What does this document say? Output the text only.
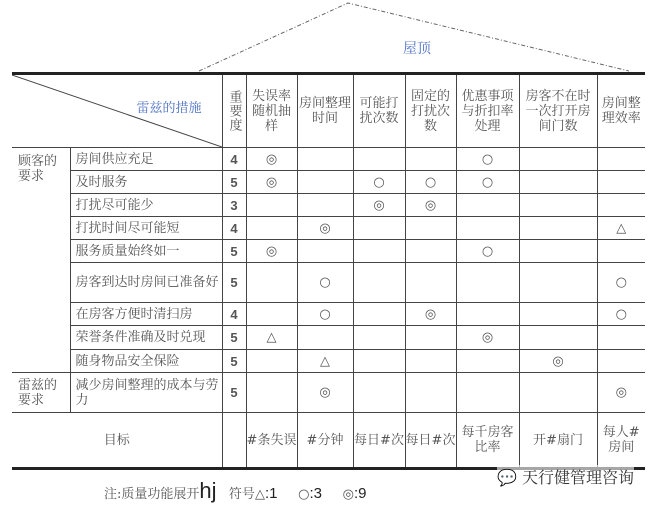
屋顶
雷兹的措施		重要度	失误率随机抽样	房间整理时间	可能打扰次数	固定的打扰次数	优惠事项与折扣率处理	房客不在时一次打开房间门数	房间整理效率
顾客的要求	房间供应充足	4	◎				○		
	及时服务	5	◎		○	○	○		
	打扰尽可能少	3			◎	◎			
	打扰时间尽可能短	4		◎					△
	服务质量始终如一	5	◎				○		
	房客到达时房间已准备好	5		○					○
	在房客方便时清扫房	4		○		◎			○
	荣誉条件准确及时兑现	5	△				◎		
	随身物品安全保险	5		△				◎	
雷兹的要求	减少房间整理的成本与劳力	5		◎					◎
目标			#条失误	#分钟	每日#次	每日#次	每千房客比率	开#扇门	每人#房间
注:质量功能展开hj 符号△:1 ○:3 ◎:9
💬 天行健管理咨询
